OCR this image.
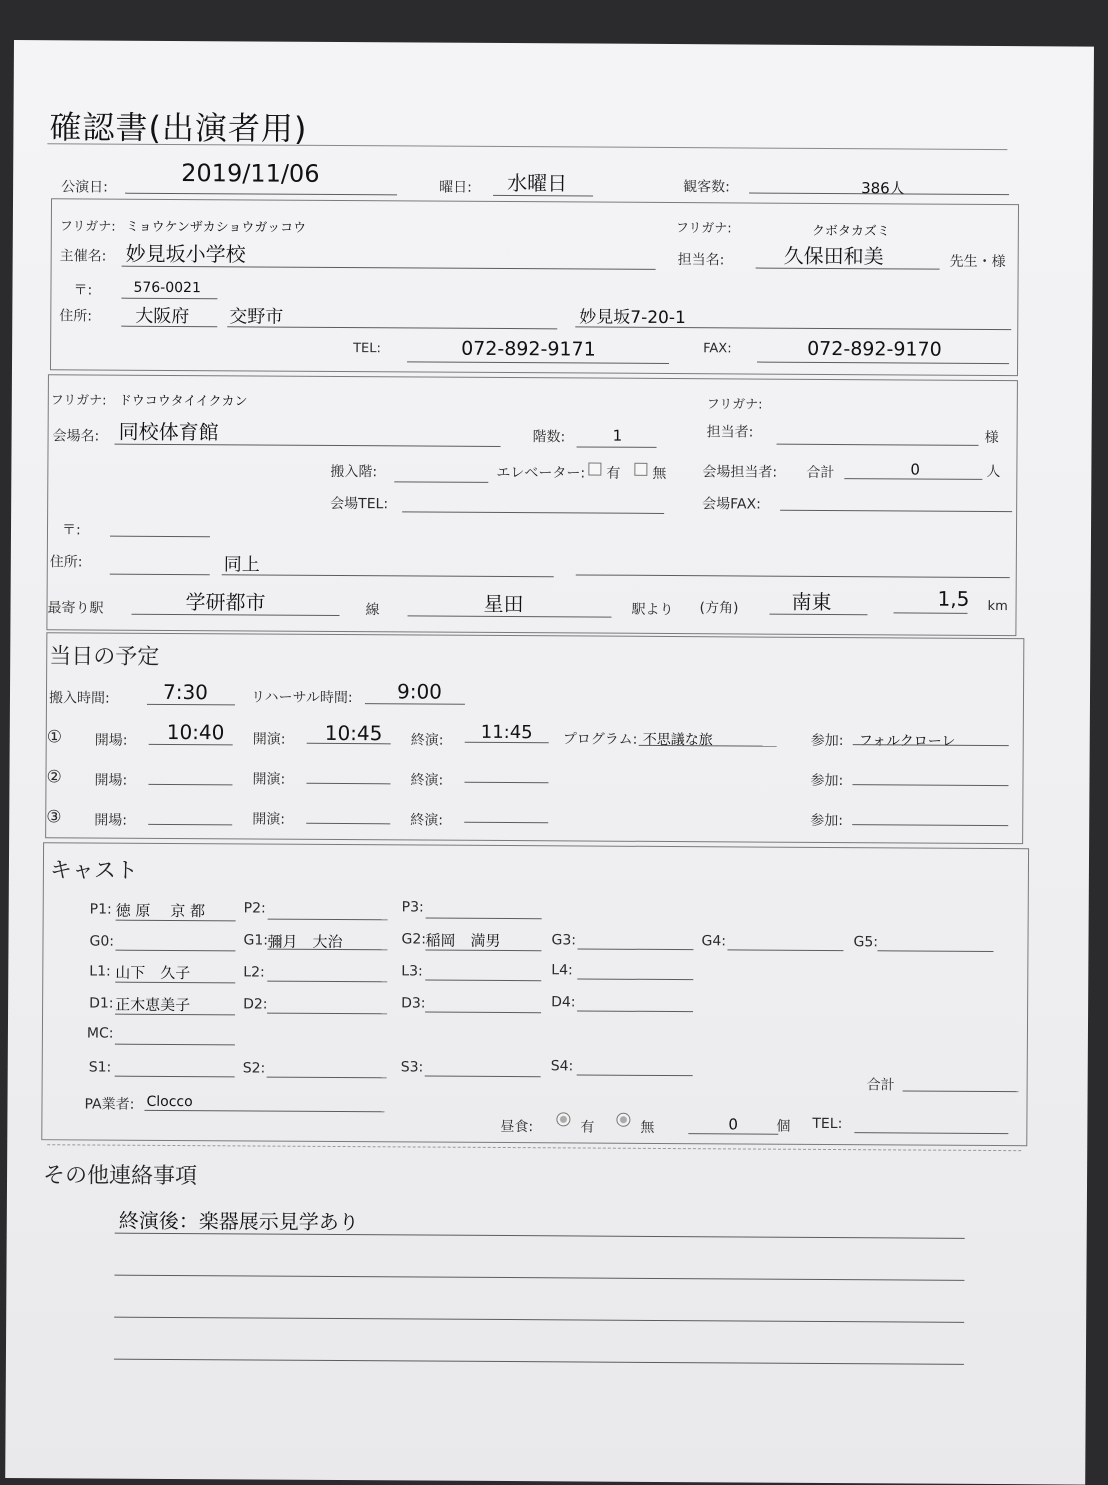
確認書(出演者用)
公演日:	2019/11/06	曜日: 水曜日	観客数:	386人
フリガナ: ミョウケンザカショウガッコウ
主催名: 妙見坂小学校
フリガナ:	クボタカズミ
担当名:	久保田和美	先生・様
〒:	576-0021
住所: 大阪府 交野市	妙見坂7-20-1
TEL:	072-892-9171	FAX:	072-892-9170
フリガナ: ドウコウタイイクカン
会場名: 同校体育館	階数:	1
フリガナ:
担当者:	様
搬入階:	エレベーター: 有 無	会場担当者: 合計	0	人
会場TEL:	会場FAX:
〒:
住所:	同上
最寄り駅	学研都市	線	星田	駅より (方角)	南東	1,5 km
当日の予定
搬入時間:	7:30	リハーサル時間: 9:00
① 開場: 10:40 開演: 10:45 終演: 11:45 プログラム: 不思議な旅	参加: フォルクローレ
② 開場:	開演:	終演:	参加:
③ 開場:	開演:	終演:	参加:
キャスト
P1: 徳 原　 京 都	P2:	P3:
G0:	G1: 彌月　大治	G2: 稲岡　満男	G3:	G4:	G5:
L1: 山下　久子	L2:	L3:	L4:
D1: 正木恵美子	D2:	D3:	D4:
MC:
S1:	S2:	S3:	S4:
合計
PA業者: Clocco
昼食:	有	無	0	個 TEL:
その他連絡事項
終演後：楽器展示見学あり
